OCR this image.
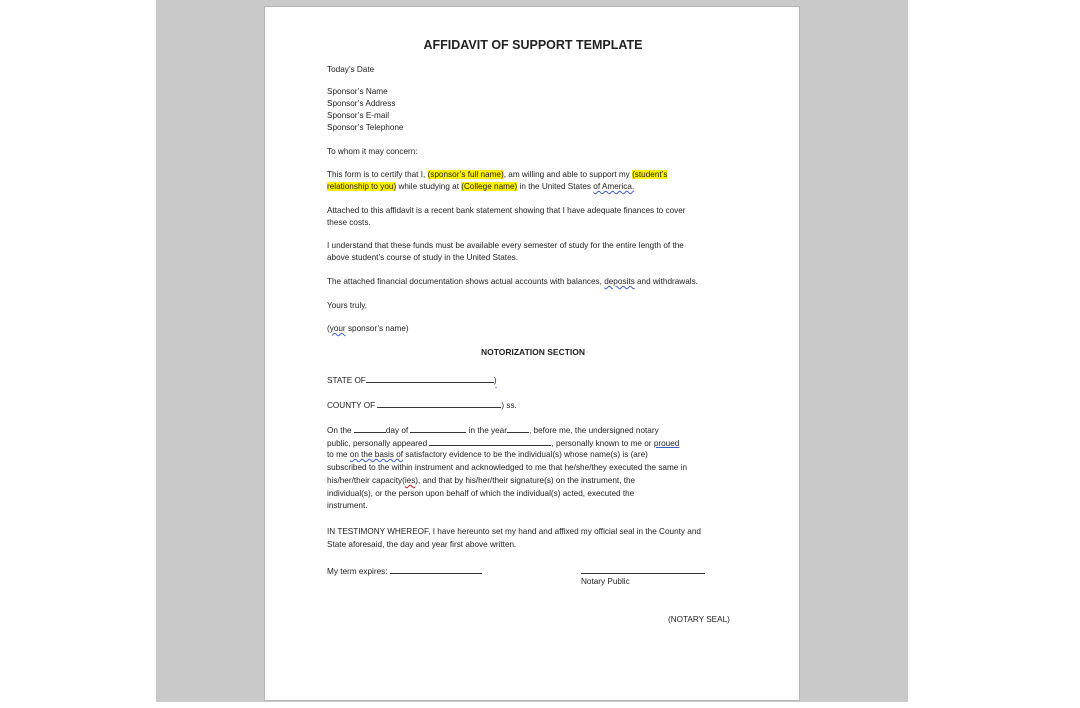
AFFIDAVIT OF SUPPORT TEMPLATE
Today’s Date
Sponsor’s Name
Sponsor’s Address
Sponsor’s E-mail
Sponsor’s Telephone
To whom it may concern:
This form is to certify that I, (sponsor’s full name), am willing and able to support my (student’s
relationship to you) while studying at (College name) in the United States of America.
Attached to this affidavit is a recent bank statement showing that I have adequate finances to cover
these costs.
I understand that these funds must be available every semester of study for the entire length of the
above student’s course of study in the United States.
The attached financial documentation shows actual accounts with balances, deposits and withdrawals.
Yours truly,
(your sponsor’s name)
NOTORIZATION SECTION
STATE OF	)
COUNTY OF	) ss.
On the	day of	in the year	, before me, the undersigned notary
public, personally appeared	, personally known to me or proued
to me on the basis of satisfactory evidence to be the individual(s) whose name(s) is (are)
subscribed to the within instrument and acknowledged to me that he/she/they executed the same in
his/her/their capacity(ies), and that by his/her/their signature(s) on the instrument, the
individual(s), or the person upon behalf of which the individual(s) acted, executed the
instrument.
IN TESTIMONY WHEREOF, I have hereunto set my hand and affixed my official seal in the County and
State aforesaid, the day and year first above written.
My term expires:
Notary Public
(NOTARY SEAL)
